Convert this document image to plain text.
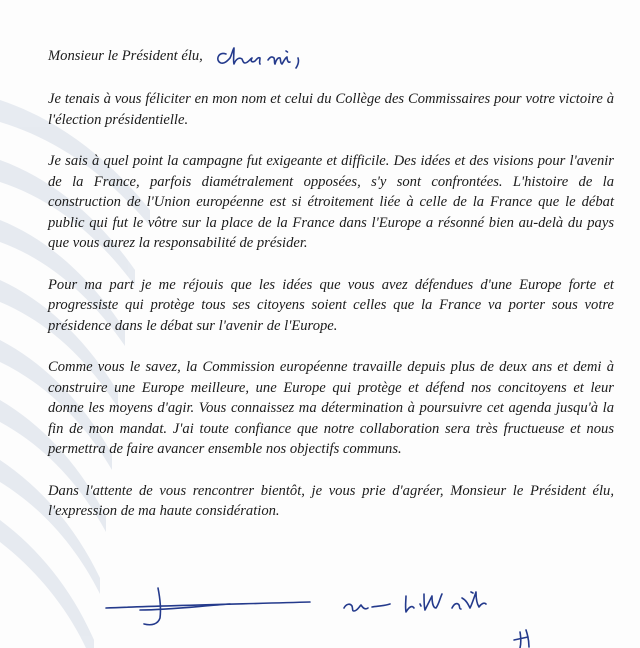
Monsieur le Président élu,

Je tenais à vous féliciter en mon nom et celui du Collège des Commissaires pour votre victoire à l'élection présidentielle.

Je sais à quel point la campagne fut exigeante et difficile. Des idées et des visions pour l'avenir de la France, parfois diamétralement opposées, s'y sont confrontées. L'histoire de la construction de l'Union européenne est si étroitement liée à celle de la France que le débat public qui fut le vôtre sur la place de la France dans l'Europe a résonné bien au-delà du pays que vous aurez la responsabilité de présider.

Pour ma part je me réjouis que les idées que vous avez défendues d'une Europe forte et progressiste qui protège tous ses citoyens soient celles que la France va porter sous votre présidence dans le débat sur l'avenir de l'Europe.

Comme vous le savez, la Commission européenne travaille depuis plus de deux ans et demi à construire une Europe meilleure, une Europe qui protège et défend nos concitoyens et leur donne les moyens d'agir. Vous connaissez ma détermination à poursuivre cet agenda jusqu'à la fin de mon mandat. J'ai toute confiance que notre collaboration sera très fructueuse et nous permettra de faire avancer ensemble nos objectifs communs.

Dans l'attente de vous rencontrer bientôt, je vous prie d'agréer, Monsieur le Président élu, l'expression de ma haute considération.
